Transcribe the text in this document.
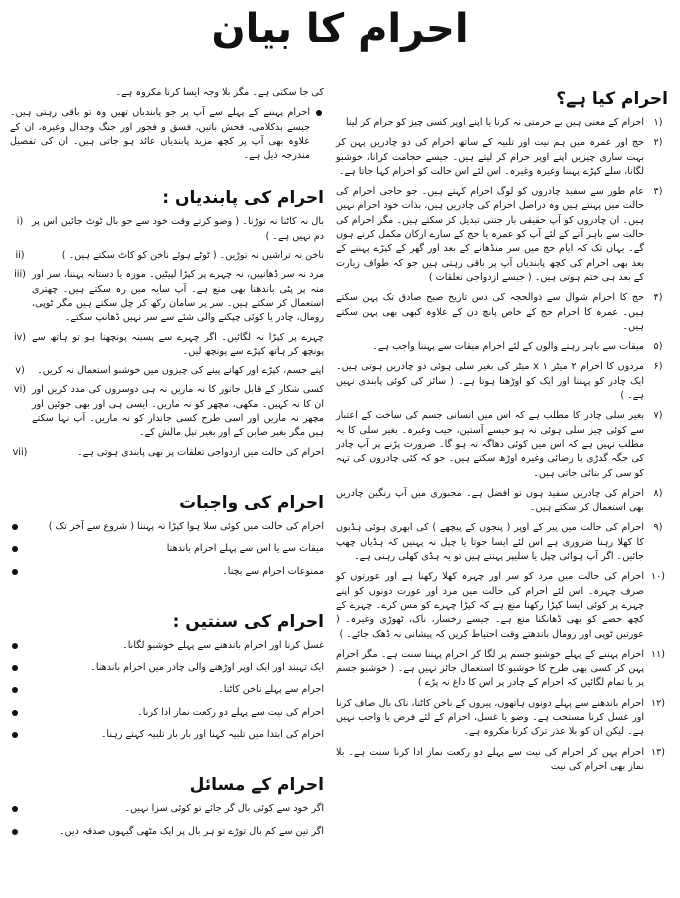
احرام کا بیان
احرام کیا ہے؟
۱)
احرام کے معنی ہیں بے حرمتی نہ کرنا یا اپنے اوپر کسی چیز کو حرام کر لینا
۲)
حج اور عمرہ میں ہم نیت اور تلبیہ کے ساتھ احرام کی دو چادریں پہن کر بہت ساری چیزیں اپنے اوپر حرام کر لیتے ہیں۔ جیسے حجامت کرانا، خوشبو لگانا، سلے کپڑے پہننا وغیرہ وغیرہ۔ اس لئے اس حالت کو احرام کہا جاتا ہے۔
۳)
عام طور سے سفید چادروں کو لوگ احرام کہتے ہیں۔ جو حاجی احرام کی حالت میں پہنتے ہیں وہ دراصل احرام کی چادریں ہیں، بذات خود احرام نہیں ہیں۔ ان چادروں کو آپ حقیقی بار جتنی تبدیل کر سکتے ہیں۔ مگر احرام کی حالت سے باہر آنے کے لئے آپ کو عمرہ یا حج کے سارے ارکان مکمل کرنے ہوں گے۔ یہاں تک کہ ایام حج میں سر منڈھانے کے بعد اور گھر کے کپڑے پہننے کے بعد بھی احرام کی کچھ پابندیاں آپ پر باقی رہتی ہیں جو کہ طواف زیارت کے بعد ہی ختم ہوتی ہیں۔ ( جیسے ازدواجی تعلقات )
۴)
حج کا احرام شوال سے ذوالحجہ کی دس تاریخ صبح صادق تک پہن سکتے ہیں۔ عمرہ کا احرام حج کے خاص پانچ دن کے علاوہ کبھی بھی پہن سکتے ہیں۔
۵)
میقات سے باہر رہنے والوں کے لئے احرام میقات سے پہننا واجب ہے۔
۶)
مردوں کا احرام ۲ میٹر x ۱ میٹر کی بغیر سلی ہوئی دو چادریں ہوتی ہیں۔ ایک چادر کو پہننا اور ایک کو اوڑھنا ہوتا ہے۔ ( سائز کی کوئی پابندی نہیں ہے۔ )
۷)
بغیر سلی چادر کا مطلب ہے کہ اس میں انسانی جسم کی ساخت کے اعتبار سے کوئی چیز سلی ہوئی نہ ہو جیسے آستین، جیب وغیرہ۔ بغیر سلی کا یہ مطلب نہیں ہے کہ اس میں کوئی دھاگہ نہ ہو گا۔ ضرورت پڑنے پر آپ چادر کی جگہ گدڑی یا رضائی وغیرہ اوڑھ سکتے ہیں۔ جو کہ کئی چادروں کی تہہ کو سی کر بنائی جاتی ہیں۔
۸)
احرام کی چادریں سفید ہوں تو افضل ہے۔ مجبوری میں آپ رنگین چادریں بھی استعمال کر سکتے ہیں۔
۹)
احرام کی حالت میں پیر کے اوپر ( پنجوں کے پیچھے ) کی ابھری ہوئی ہڈیوں کا کھلا رہنا ضروری ہے اس لئے ایسا جوتا یا چپل نہ پہنیں کہ ہڈیاں چھپ جائیں۔ اگر آپ ہوائی چپل یا سلیپر پہنتے ہیں تو یہ ہڈی کھلی رہتی ہے۔
۱۰)
احرام کی حالت میں مرد کو سر اور چہرہ کھلا رکھنا ہے اور عورتوں کو صرف چہرہ۔ اس لئے احرام کی حالت میں مرد اور عورت دونوں کو اپنے چہرے پر کوئی ایسا کپڑا رکھنا منع ہے کہ کپڑا چہرے کو مس کرے۔ چہرے کے کچھ حصے کو بھی ڈھانکنا منع ہے۔ جیسے رخسار، ناک، ٹھوڑی وغیرہ۔ ( عورتیں ٹوپی اور رومال باندھتے وقت احتیاط کریں کہ پیشانی نہ ڈھک جائے۔ )
۱۱)
احرام پہننے کے پہلے خوشبو جسم پر لگا کر احرام پہننا سنت ہے۔ مگر احرام پہن کر کسی بھی طرح کا خوشبو کا استعمال جائز نہیں ہے۔ ( خوشبو جسم پر یا تمام لگائیں کہ احرام کے چادر پر اس کا داغ نہ پڑے )
۱۲)
احرام باندھنے سے پہلے دونوں ہاتھوں، پیروں کے ناخن کاٹنا، ناک بال صاف کرنا اور غسل کرنا مستحب ہے۔ وضو یا غسل، احرام کے لئے فرض یا واجب نہیں ہے۔ لیکن ان کو بلا عذر ترک کرنا مکروہ ہے۔
۱۳)
احرام پہن کر احرام کی نیت سے پہلے دو رکعت نماز ادا کرنا سنت ہے۔ بلا نماز بھی احرام کی نیت
کی جا سکتی ہے۔ مگر بلا وجہ ایسا کرنا مکروہ ہے۔
احرام پہننے کے پہلے سے آپ پر جو پابندیاں تھیں وہ تو باقی رہتی ہیں۔ جیسے بدکلامی، فحش باتیں، فسق و فجور اور جنگ وجدال وغیرہ، ان کے علاوہ بھی آپ پر کچھ مزید پابندیاں عائد ہو جاتی ہیں۔ ان کی تفصیل مندرجہ ذیل ہے۔
احرام کی پابندیاں :
i) بال نہ کاٹنا نہ توڑنا۔ ( وضو کرتے وقت خود سے جو بال ٹوٹ جائیں اس پر دم نہیں ہے۔ )
ii)	ناخن نہ تراشیں نہ توڑیں۔ ( ٹوٹے ہوئے ناخن کو کاٹ سکتے ہیں۔ )
iii) مرد نہ سر ڈھانپیں، نہ چہرے پر کپڑا لپیٹیں۔ موزہ یا دستانہ پہننا، سر اور منہ پر پٹی باندھنا بھی منع ہے۔ آپ سایہ میں رہ سکتے ہیں۔ چھتری استعمال کر سکتے ہیں۔ سر پر سامان رکھ کر چل سکتے ہیں مگر ٹوپی، رومال، چادر یا کوئی چپکنے والی شئے سے سر نہیں ڈھانپ سکتے۔
iv) چہرے پر کپڑا نہ لگائیں۔ اگر چہرے سے پسینہ پونچھنا ہو تو ہاتھ سے پونچھ کر ہاتھ کپڑے سے پونچھ لیں۔
v)	اپنے جسم، کپڑے اور کھانے پینے کی چیزوں میں خوشبو استعمال نہ کریں۔
vi) کسی شکار کے قابل جانور کا نہ ماریں نہ ہی دوسروں کی مدد کریں اور ان کا نہ کہیں۔ مکھی، مچھر کو نہ ماریں۔ ایسی ہی اور بھی جوئیں اور مچھر نہ ماریں اور اسی طرح کسی جاندار کو نہ ماریں۔ آپ نہا سکتے ہیں مگر بغیر صابن کے اور بغیر تیل مالش کے۔
vii)	احرام کی حالت میں ازدواجی تعلقات پر بھی پابندی ہوتی ہے۔
احرام کی واجبات
احرام کی حالت میں کوئی سلا ہوا کپڑا نہ پہننا ( شروع سے آخر تک )
میقات سے یا اس سے پہلے احرام باندھنا
ممنوعات احرام سے بچنا۔
احرام کی سنتیں :
غسل کرنا اور احرام باندھنے سے پہلے خوشبو لگانا۔
ایک تہبند اور ایک اوپر اوڑھنے والی چادر میں احرام باندھنا۔
احرام سے پہلے ناخن کاٹنا۔
احرام کی نیت سے پہلے دو رکعت نماز ادا کرنا۔
احرام کی ابتدا میں تلبیہ کہنا اور بار بار تلبیہ کہتے رہنا۔
احرام کے مسائل
اگر خود سے کوئی بال گر جائے تو کوئی سزا نہیں۔
اگر تین سے کم بال توڑے تو ہر بال پر ایک مٹھی گیہوں صدقہ دیں۔
